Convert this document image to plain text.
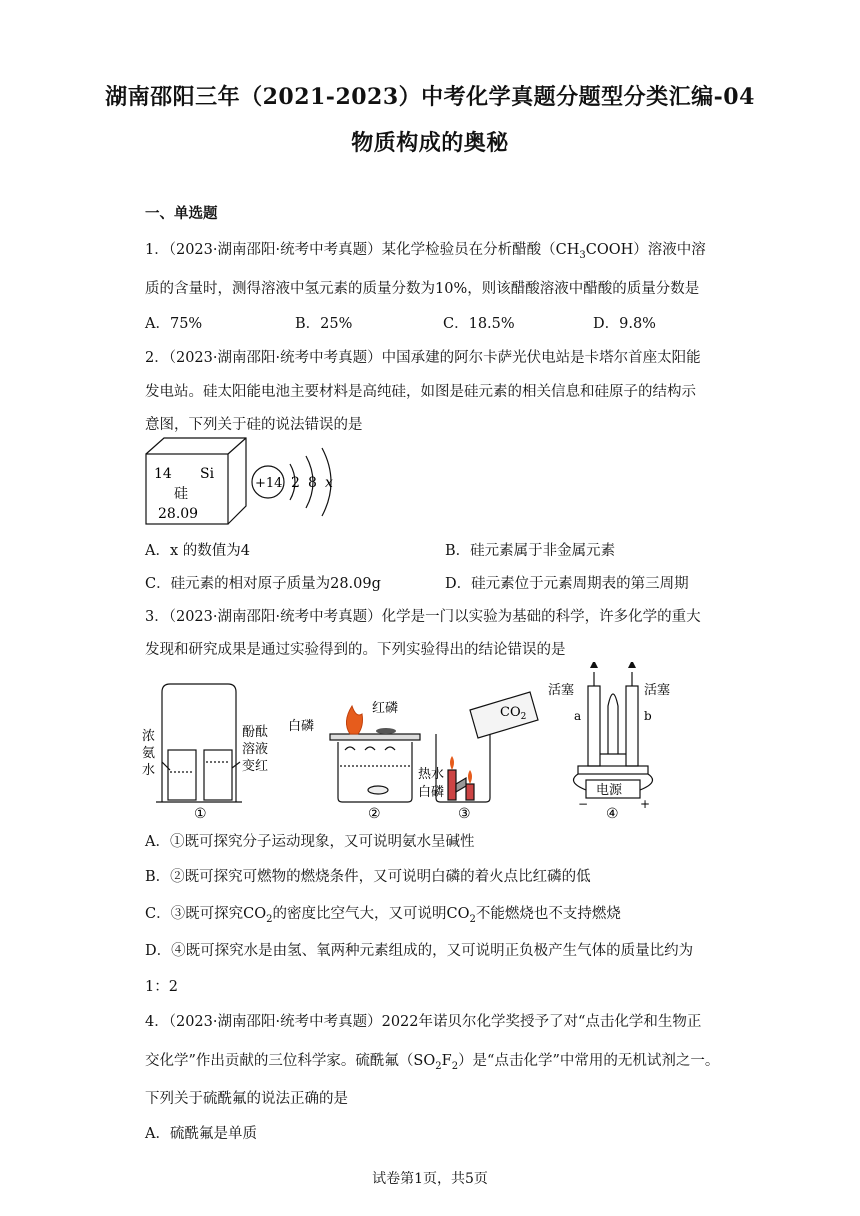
湖南邵阳三年（2021-2023）中考化学真题分题型分类汇编-04
物质构成的奥秘
一、单选题
1．（2023·湖南邵阳·统考中考真题）某化学检验员在分析醋酸$(CH_3COOH)$溶液中溶
质的含量时，测得溶液中氢元素的质量分数为10%，则该醋酸溶液中醋酸的质量分数是
A．75%	B．25%	C．18.5%	D．9.8%
2．（2023·湖南邵阳·统考中考真题）中国承建的阿尔卡萨光伏电站是卡塔尔首座太阳能
发电站。硅太阳能电池主要材料是高纯硅，如图是硅元素的相关信息和硅原子的结构示
意图，下列关于硅的说法错误的是
14 Si
硅
28.09
+14 2 8 x
A．x 的数值为4	B．硅元素属于非金属元素
C．硅元素的相对原子质量为28.09g	D．硅元素位于元素周期表的第三周期
3．（2023·湖南邵阳·统考中考真题）化学是一门以实验为基础的科学，许多化学的重大
发现和研究成果是通过实验得到的。下列实验得出的结论错误的是
浓
氨
水
酚酞
溶液
变红
①
白磷
红磷
热水
白磷
②
$CO_2$
③
活塞	活塞
a	b
电源
−	+
④
A．①既可探究分子运动现象，又可说明氨水呈碱性
B．②既可探究可燃物的燃烧条件，又可说明白磷的着火点比红磷的低
C．③既可探究$CO_2$的密度比空气大，又可说明$CO_2$不能燃烧也不支持燃烧
D．④既可探究水是由氢、氧两种元素组成的，又可说明正负极产生气体的质量比约为
1：2
4．（2023·湖南邵阳·统考中考真题）2022年诺贝尔化学奖授予了对“点击化学和生物正
交化学”作出贡献的三位科学家。硫酰氟$(SO_2F_2)$是“点击化学”中常用的无机试剂之一。
下列关于硫酰氟的说法正确的是
A．硫酰氟是单质
试卷第1页，共5页
